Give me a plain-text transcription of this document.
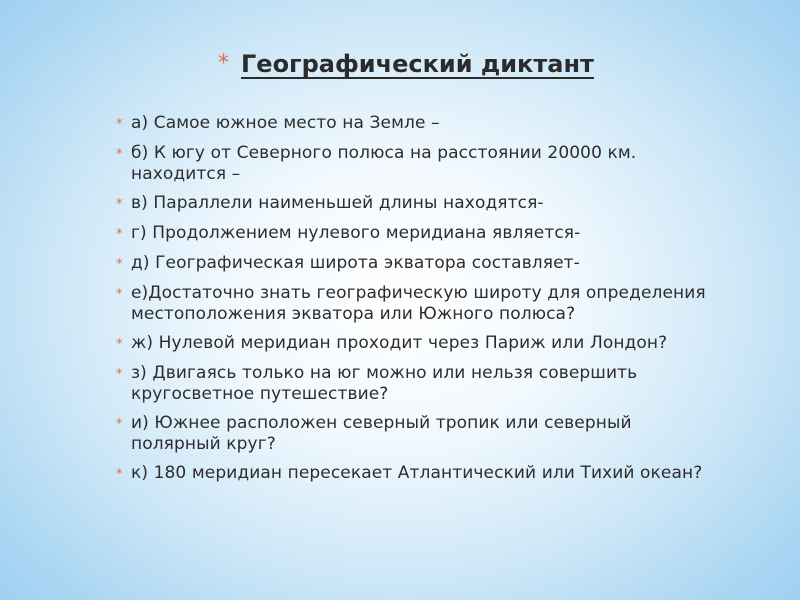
* Географический диктант
* а) Самое южное место на Земле –
* б) К югу от Северного полюса на расстоянии 20000 км. находится –
* в) Параллели наименьшей длины находятся-
* г) Продолжением нулевого меридиана является-
* д) Географическая широта экватора составляет-
* е)Достаточно знать географическую широту для определения местоположения экватора или Южного полюса?
* ж) Нулевой меридиан проходит через Париж или Лондон?
* з) Двигаясь только на юг можно или нельзя совершить кругосветное путешествие?
* и) Южнее расположен северный тропик или северный полярный круг?
* к) 180 меридиан пересекает Атлантический или Тихий океан?
